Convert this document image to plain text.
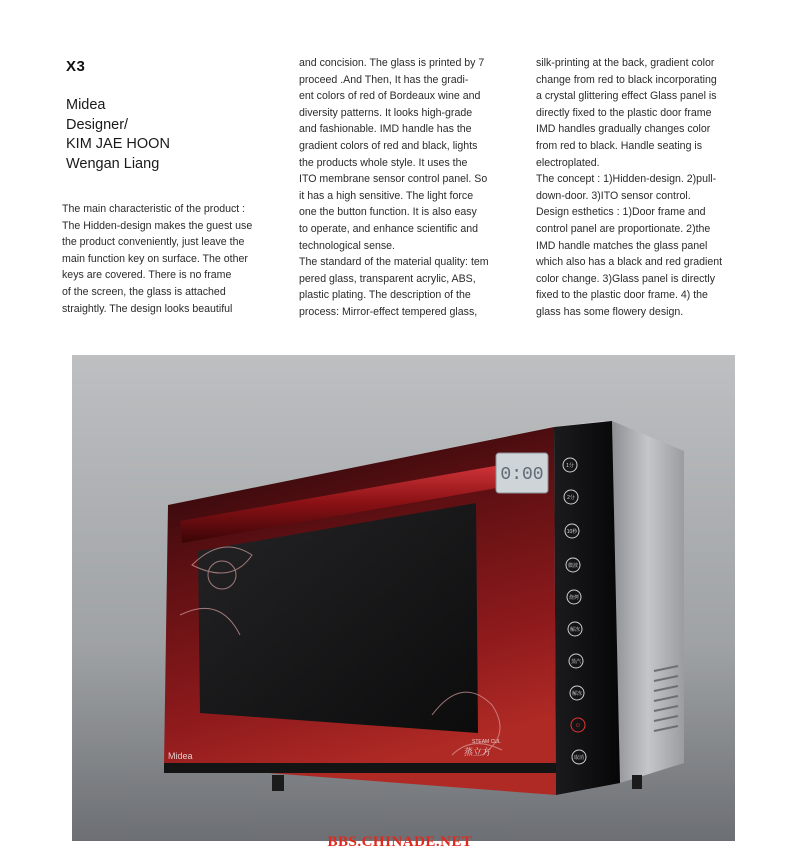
X3
Midea
Designer/
KIM JAE HOON
Wengan Liang
The main characteristic of the product :
The Hidden-design makes the guest use
the product conveniently, just leave the
main function key on surface. The other
keys are covered. There is no frame
of the screen, the glass is attached
straightly. The design looks beautiful
and concision. The glass is printed by 7
proceed .And Then, It has the gradi-
ent colors of red of Bordeaux wine and
diversity patterns. It looks high-grade
and fashionable. IMD handle has the
gradient colors of red and black, lights
the products whole style. It uses the
ITO membrane sensor control panel. So
it has a high sensitive. The light force
one the button function. It is also easy
to operate, and enhance scientific and
technological sense.
The standard of the material quality: tem
pered glass, transparent acrylic, ABS,
plastic plating. The description of the
process: Mirror-effect tempered glass,
silk-printing at the back, gradient color
change from red to black incorporating
a crystal glittering effect Glass panel is
directly fixed to the plastic door frame
IMD handles gradually changes color
from red to black. Handle seating is
electroplated.
The concept : 1)Hidden-design. 2)pull-
down-door. 3)ITO sensor control.
Design esthetics : 1)Door frame and
control panel are proportionate. 2)the
IMD handle matches the glass panel
which also has a black and red gradient
color change. 3)Glass panel is directly
fixed to the plastic door frame. 4) the
glass has some flowery design.
0:00	1分
2分
10秒
微波
烧烤
解冻
蒸汽
解冻
⏻
取消
Midea
STEAM CUL
蒸立方
BBS.CHINADE.NET
